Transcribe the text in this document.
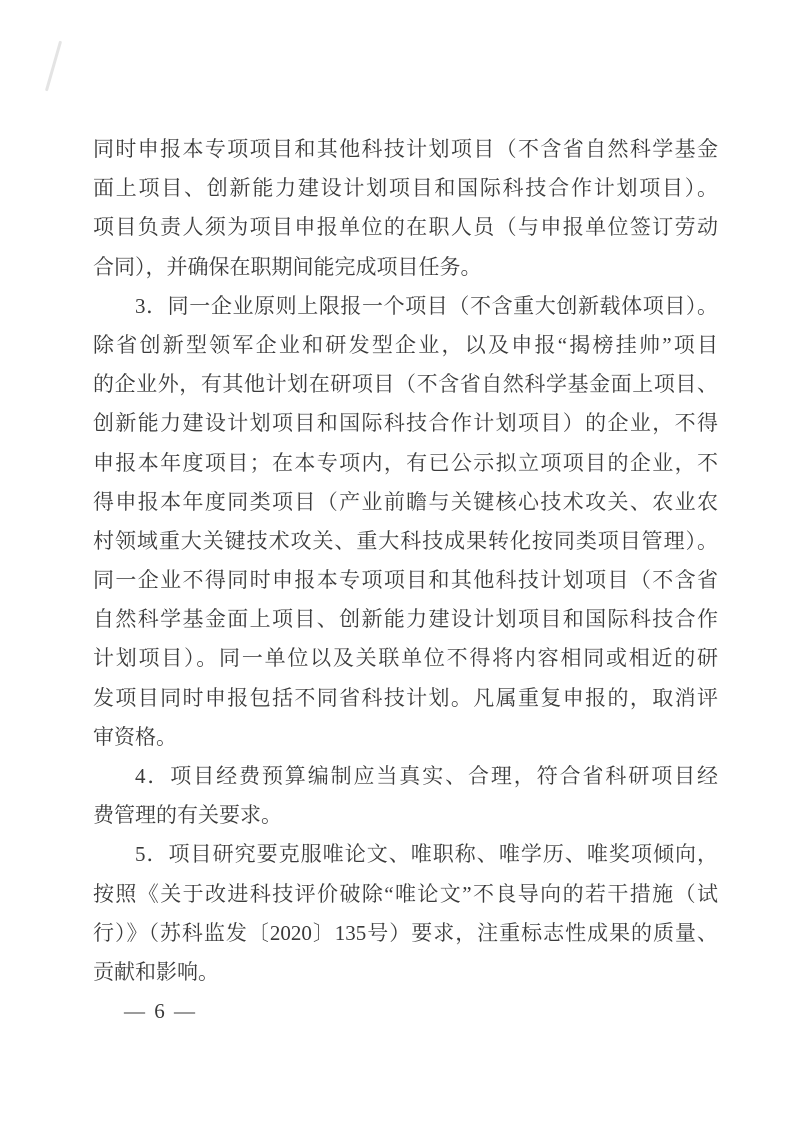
同时申报本专项项目和其他科技计划项目（不含省自然科学基金
面上项目、创新能力建设计划项目和国际科技合作计划项目）。
项目负责人须为项目申报单位的在职人员（与申报单位签订劳动
合同），并确保在职期间能完成项目任务。
3．同一企业原则上限报一个项目（不含重大创新载体项目）。
除省创新型领军企业和研发型企业，以及申报“揭榜挂帅”项目
的企业外，有其他计划在研项目（不含省自然科学基金面上项目、
创新能力建设计划项目和国际科技合作计划项目）的企业，不得
申报本年度项目；在本专项内，有已公示拟立项项目的企业，不
得申报本年度同类项目（产业前瞻与关键核心技术攻关、农业农
村领域重大关键技术攻关、重大科技成果转化按同类项目管理）。
同一企业不得同时申报本专项项目和其他科技计划项目（不含省
自然科学基金面上项目、创新能力建设计划项目和国际科技合作
计划项目）。同一单位以及关联单位不得将内容相同或相近的研
发项目同时申报包括不同省科技计划。凡属重复申报的，取消评
审资格。
4．项目经费预算编制应当真实、合理，符合省科研项目经
费管理的有关要求。
5．项目研究要克服唯论文、唯职称、唯学历、唯奖项倾向，
按照《关于改进科技评价破除“唯论文”不良导向的若干措施（试
行）》（苏科监发〔2020〕135号）要求，注重标志性成果的质量、
贡献和影响。
— 6 —
